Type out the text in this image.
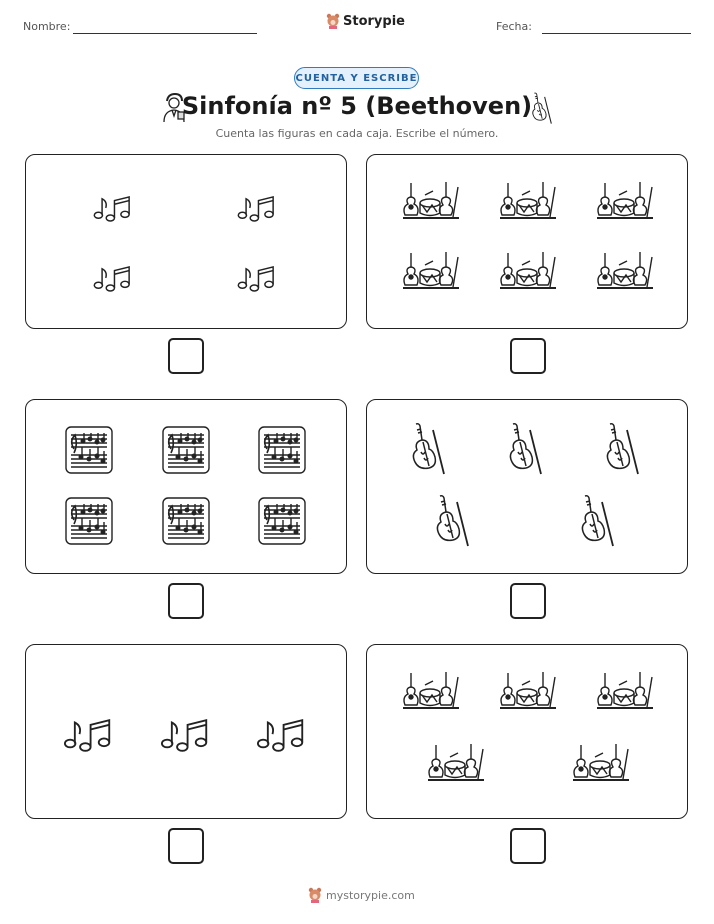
Nombre:	Storypie	Fecha:
CUENTA Y ESCRIBE
Sinfonía nº 5 (Beethoven)
Cuenta las figuras en cada caja. Escribe el número.
mystorypie.com
